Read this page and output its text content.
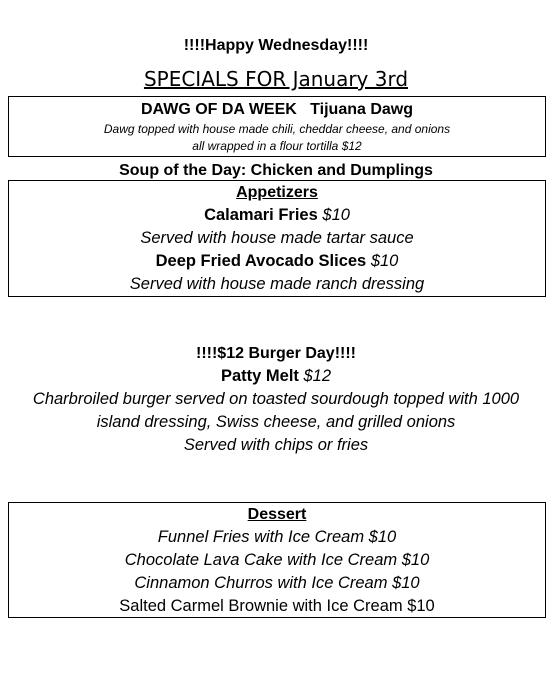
!!!!Happy Wednesday!!!!
SPECIALS FOR January 3rd
DAWG OF DA WEEK Tijuana Dawg
Dawg topped with house made chili, cheddar cheese, and onions
all wrapped in a flour tortilla $12
Soup of the Day: Chicken and Dumplings
Appetizers
Calamari Fries $10
Served with house made tartar sauce
Deep Fried Avocado Slices $10
Served with house made ranch dressing
!!!!$12 Burger Day!!!!
Patty Melt $12
Charbroiled burger served on toasted sourdough topped with 1000
island dressing, Swiss cheese, and grilled onions
Served with chips or fries
Dessert
Funnel Fries with Ice Cream $10
Chocolate Lava Cake with Ice Cream $10
Cinnamon Churros with Ice Cream $10
Salted Carmel Brownie with Ice Cream $10
